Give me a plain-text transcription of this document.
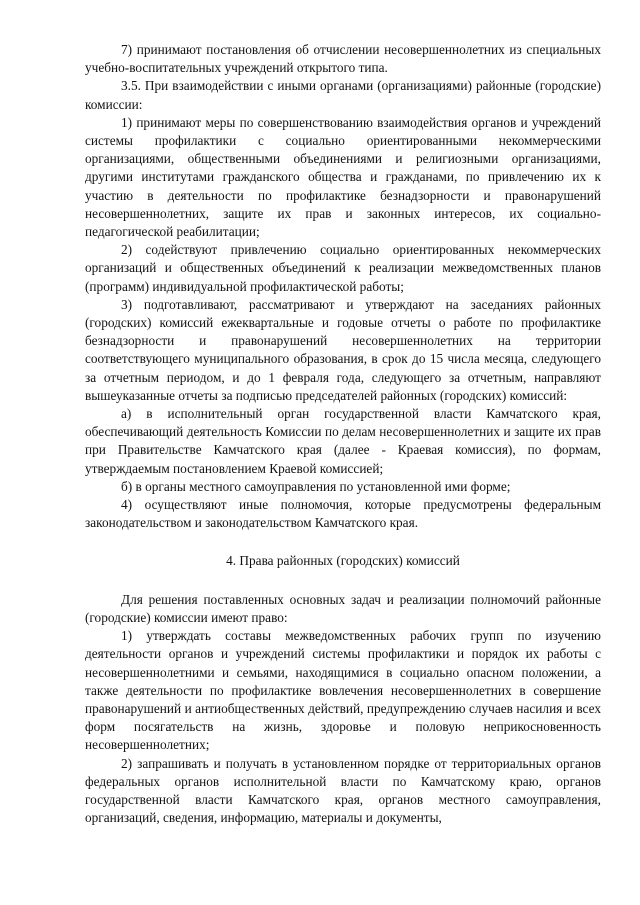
7) принимают постановления об отчислении несовершеннолетних из специальных учебно-воспитательных учреждений открытого типа.

3.5. При взаимодействии с иными органами (организациями) районные (городские) комиссии:

1) принимают меры по совершенствованию взаимодействия органов и учреждений системы профилактики с социально ориентированными некоммерческими организациями, общественными объединениями и религиозными организациями, другими институтами гражданского общества и гражданами, по привлечению их к участию в деятельности по профилактике безнадзорности и правонарушений несовершеннолетних, защите их прав и законных интересов, их социально-педагогической реабилитации;

2) содействуют привлечению социально ориентированных некоммерческих организаций и общественных объединений к реализации межведомственных планов (программ) индивидуальной профилактической работы;

3) подготавливают, рассматривают и утверждают на заседаниях районных (городских) комиссий ежеквартальные и годовые отчеты о работе по профилактике безнадзорности и правонарушений несовершеннолетних на территории соответствующего муниципального образования, в срок до 15 числа месяца, следующего за отчетным периодом, и до 1 февраля года, следующего за отчетным, направляют вышеуказанные отчеты за подписью председателей районных (городских) комиссий:

а) в исполнительный орган государственной власти Камчатского края, обеспечивающий деятельность Комиссии по делам несовершеннолетних и защите их прав при Правительстве Камчатского края (далее - Краевая комиссия), по формам, утверждаемым постановлением Краевой комиссией;

б) в органы местного самоуправления по установленной ими форме;

4) осуществляют иные полномочия, которые предусмотрены федеральным законодательством и законодательством Камчатского края.

4. Права районных (городских) комиссий

Для решения поставленных основных задач и реализации полномочий районные (городские) комиссии имеют право:

1) утверждать составы межведомственных рабочих групп по изучению деятельности органов и учреждений системы профилактики и порядок их работы с несовершеннолетними и семьями, находящимися в социально опасном положении, а также деятельности по профилактике вовлечения несовершеннолетних в совершение правонарушений и антиобщественных действий, предупреждению случаев насилия и всех форм посягательств на жизнь, здоровье и половую неприкосновенность несовершеннолетних;

2) запрашивать и получать в установленном порядке от территориальных органов федеральных органов исполнительной власти по Камчатскому краю, органов государственной власти Камчатского края, органов местного самоуправления, организаций, сведения, информацию, материалы и документы,
